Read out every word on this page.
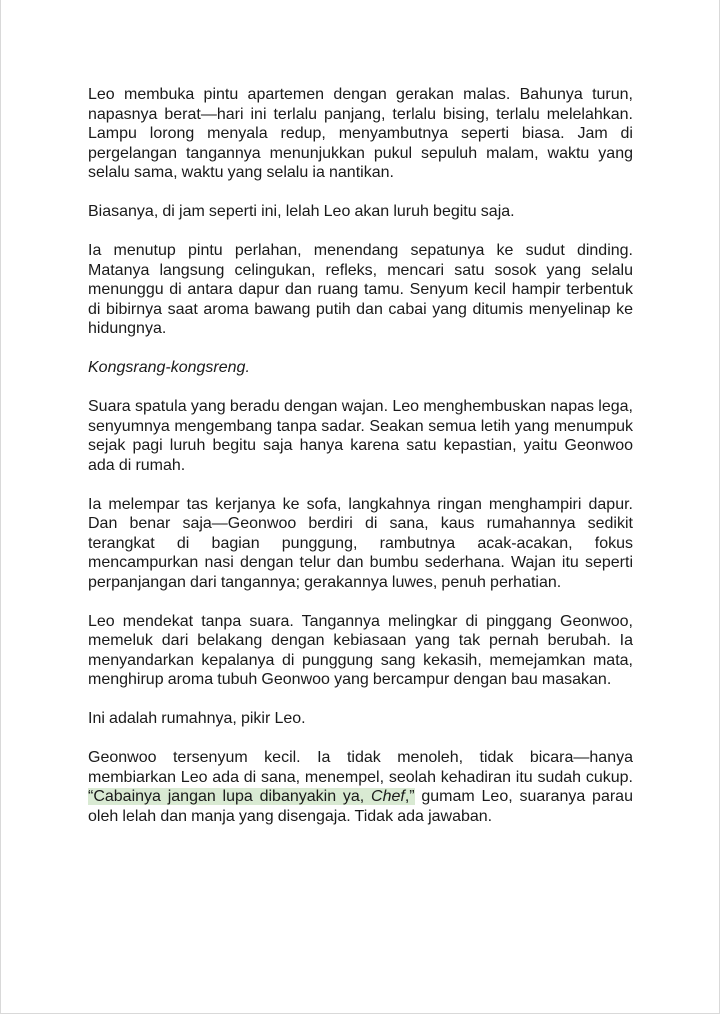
Leo membuka pintu apartemen dengan gerakan malas. Bahunya turun, napasnya berat—hari ini terlalu panjang, terlalu bising, terlalu melelahkan. Lampu lorong menyala redup, menyambutnya seperti biasa. Jam di pergelangan tangannya menunjukkan pukul sepuluh malam, waktu yang selalu sama, waktu yang selalu ia nantikan.

Biasanya, di jam seperti ini, lelah Leo akan luruh begitu saja.

Ia menutup pintu perlahan, menendang sepatunya ke sudut dinding. Matanya langsung celingukan, refleks, mencari satu sosok yang selalu menunggu di antara dapur dan ruang tamu. Senyum kecil hampir terbentuk di bibirnya saat aroma bawang putih dan cabai yang ditumis menyelinap ke hidungnya.

Kongsrang-kongsreng.

Suara spatula yang beradu dengan wajan. Leo menghembuskan napas lega, senyumnya mengembang tanpa sadar. Seakan semua letih yang menumpuk sejak pagi luruh begitu saja hanya karena satu kepastian, yaitu Geonwoo ada di rumah.

Ia melempar tas kerjanya ke sofa, langkahnya ringan menghampiri dapur. Dan benar saja—Geonwoo berdiri di sana, kaus rumahannya sedikit terangkat di bagian punggung, rambutnya acak-acakan, fokus mencampurkan nasi dengan telur dan bumbu sederhana. Wajan itu seperti perpanjangan dari tangannya; gerakannya luwes, penuh perhatian.

Leo mendekat tanpa suara. Tangannya melingkar di pinggang Geonwoo, memeluk dari belakang dengan kebiasaan yang tak pernah berubah. Ia menyandarkan kepalanya di punggung sang kekasih, memejamkan mata, menghirup aroma tubuh Geonwoo yang bercampur dengan bau masakan.

Ini adalah rumahnya, pikir Leo.

Geonwoo tersenyum kecil. Ia tidak menoleh, tidak bicara—hanya membiarkan Leo ada di sana, menempel, seolah kehadiran itu sudah cukup. “Cabainya jangan lupa dibanyakin ya, Chef,” gumam Leo, suaranya parau oleh lelah dan manja yang disengaja. Tidak ada jawaban.
